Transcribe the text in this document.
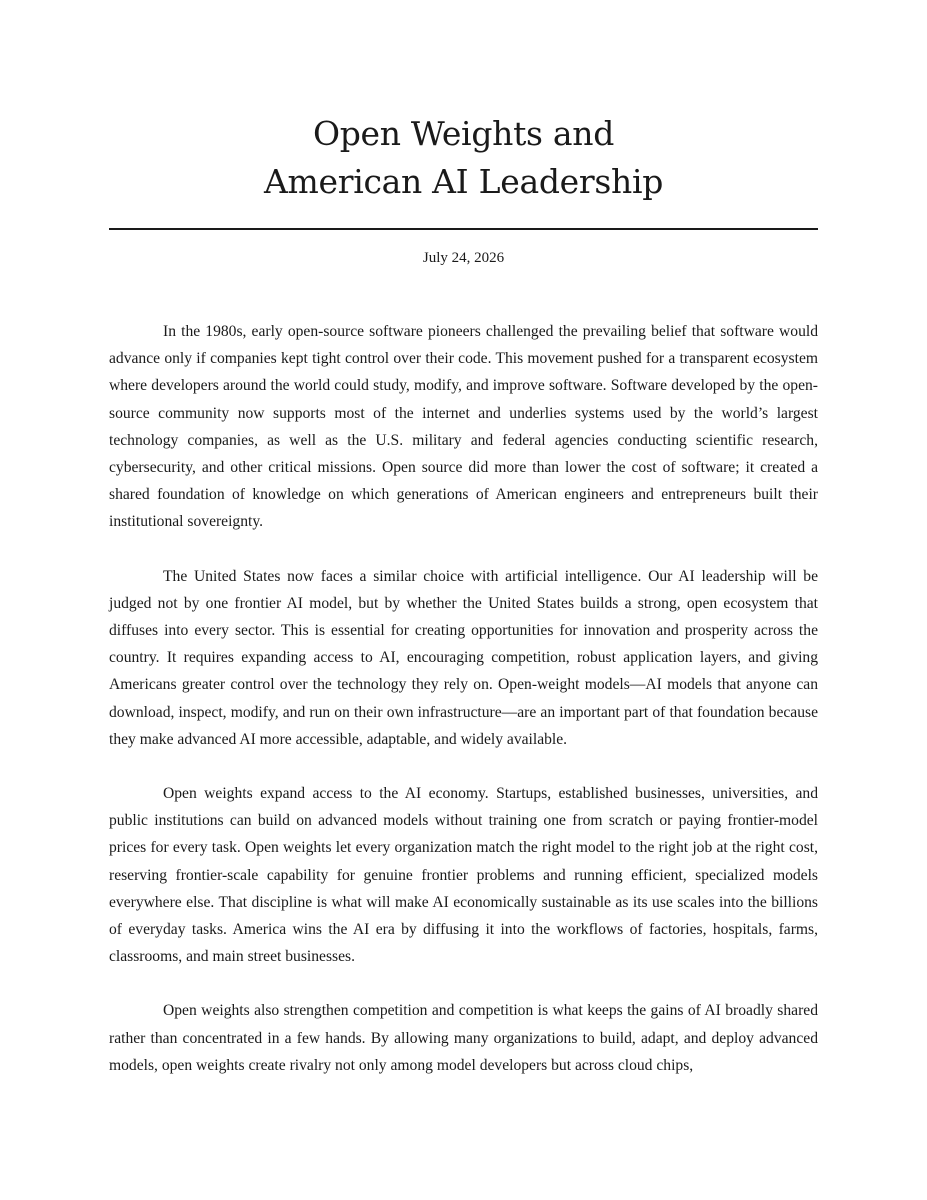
Open Weights and
American AI Leadership
July 24, 2026

In the 1980s, early open-source software pioneers challenged the prevailing belief that software would advance only if companies kept tight control over their code. This movement pushed for a transparent ecosystem where developers around the world could study, modify, and improve software. Software developed by the open-source community now supports most of the internet and underlies systems used by the world’s largest technology companies, as well as the U.S. military and federal agencies conducting scientific research, cybersecurity, and other critical missions. Open source did more than lower the cost of software; it created a shared foundation of knowledge on which generations of American engineers and entrepreneurs built their institutional sovereignty.

The United States now faces a similar choice with artificial intelligence. Our AI leadership will be judged not by one frontier AI model, but by whether the United States builds a strong, open ecosystem that diffuses into every sector. This is essential for creating opportunities for innovation and prosperity across the country. It requires expanding access to AI, encouraging competition, robust application layers, and giving Americans greater control over the technology they rely on. Open-weight models—AI models that anyone can download, inspect, modify, and run on their own infrastructure—are an important part of that foundation because they make advanced AI more accessible, adaptable, and widely available.

Open weights expand access to the AI economy. Startups, established businesses, universities, and public institutions can build on advanced models without training one from scratch or paying frontier-model prices for every task. Open weights let every organization match the right model to the right job at the right cost, reserving frontier-scale capability for genuine frontier problems and running efficient, specialized models everywhere else. That discipline is what will make AI economically sustainable as its use scales into the billions of everyday tasks. America wins the AI era by diffusing it into the workflows of factories, hospitals, farms, classrooms, and main street businesses.

Open weights also strengthen competition and competition is what keeps the gains of AI broadly shared rather than concentrated in a few hands. By allowing many organizations to build, adapt, and deploy advanced models, open weights create rivalry not only among model developers but across cloud chips,
